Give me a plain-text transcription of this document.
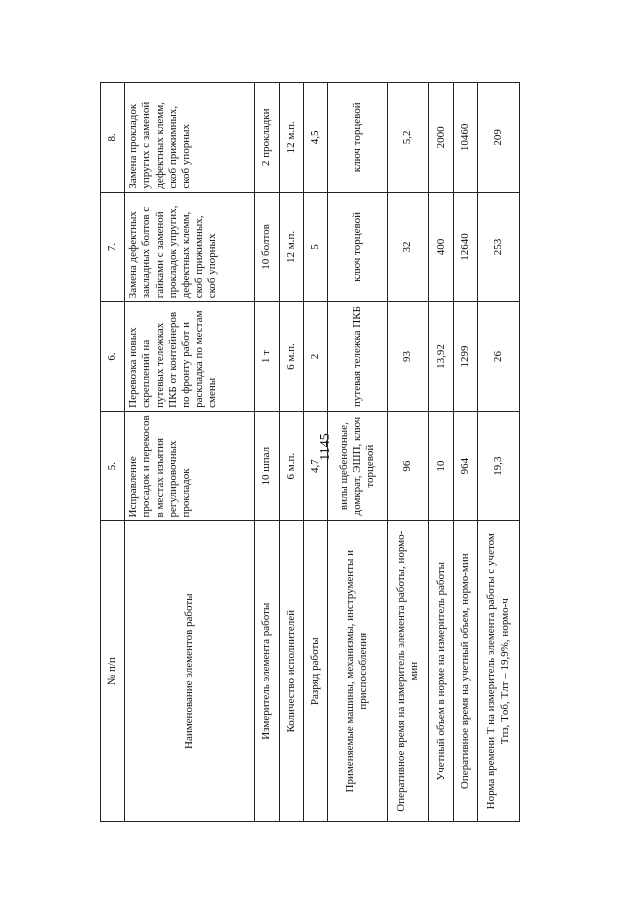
1145
№ п/п	5.	6.	7.	8.
Наименование элементов работы	Исправление просадок и перекосов в местах изъятия регулировочных прокладок	Перевозка новых скреплений на путевых тележках ПКБ от контейнеров по фронту работ и раскладка по местам смены	Замена дефектных закладных болтов с гайками с заменой прокладок упругих, дефектных клемм, скоб прижимных, скоб упорных	Замена прокладок упругих с заменой дефектных клемм, скоб прижимных, скоб упорных
Измеритель элемента работы	10 шпал	1 т	10 болтов	2 прокладки
Количество исполнителей	6 м.п.	6 м.п.	12 м.п.	12 м.п.
Разряд работы	4,7	2	5	4,5
Применяемые машины, механизмы, инструменты и приспособления	вилы щебеночные, домкрат, ЭШП, ключ торцевой	путевая тележка ПКБ	ключ торцевой	ключ торцевой
Оперативное время на измеритель элемента работы, нормо-мин	96	93	32	5,2
Учетный объем в норме на измеритель работы	10	13,92	400	2000
Оперативное время на учетный объем, нормо-мин	964	1299	12640	10460
Норма времени T на измеритель элемента работы с учетом Tпз, Tоб, Tлт – 19,9%, нормо-ч	19,3	26	253	209
